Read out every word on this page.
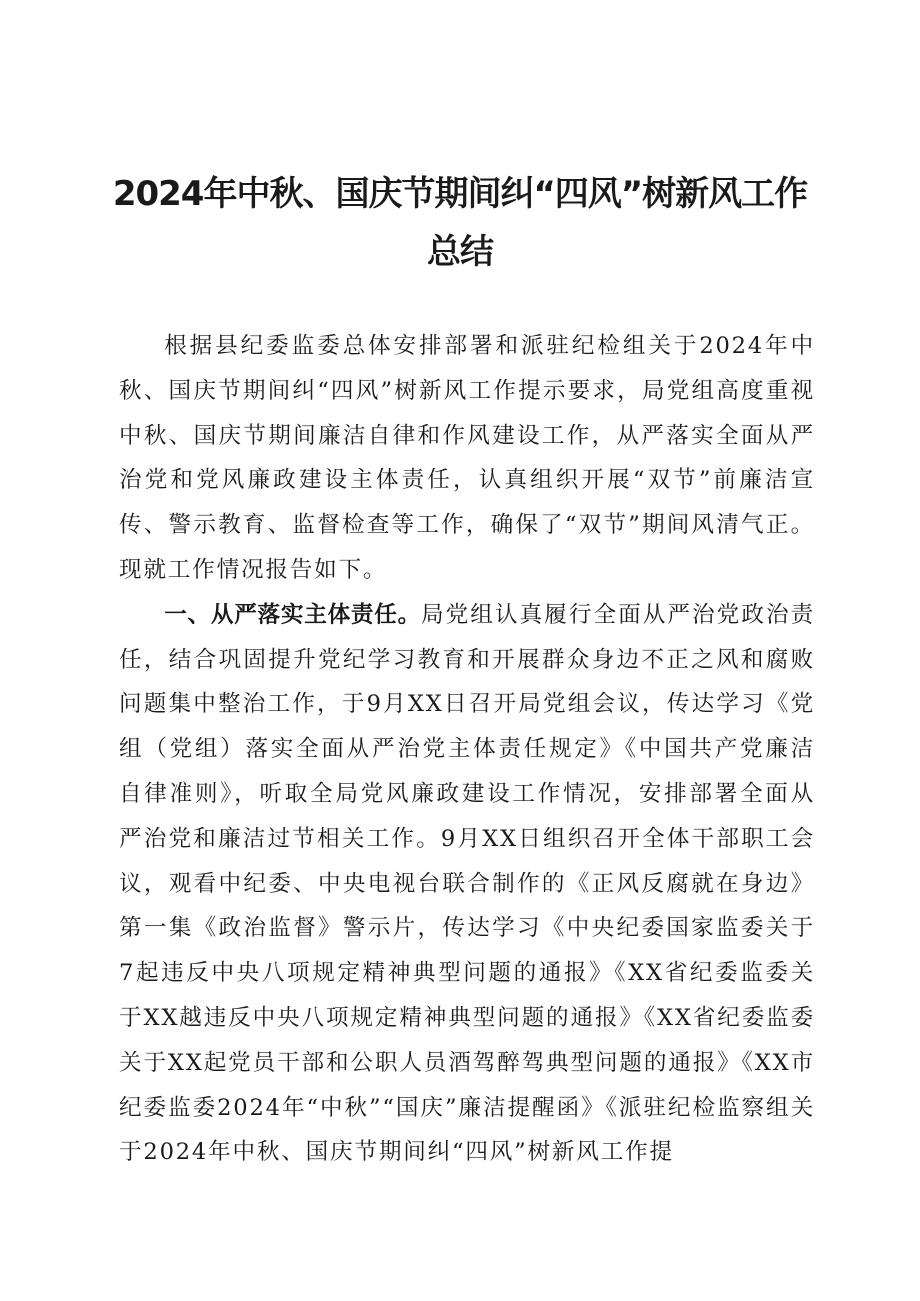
2024年中秋、国庆节期间纠“四风”树新风工作
总结

根据县纪委监委总体安排部署和派驻纪检组关于2024年中秋、国庆节期间纠“四风”树新风工作提示要求，局党组高度重视中秋、国庆节期间廉洁自律和作风建设工作，从严落实全面从严治党和党风廉政建设主体责任，认真组织开展“双节”前廉洁宣传、警示教育、监督检查等工作，确保了“双节”期间风清气正。现就工作情况报告如下。

一、从严落实主体责任。局党组认真履行全面从严治党政治责任，结合巩固提升党纪学习教育和开展群众身边不正之风和腐败问题集中整治工作，于9月XX日召开局党组会议，传达学习《党组（党组）落实全面从严治党主体责任规定》《中国共产党廉洁自律准则》，听取全局党风廉政建设工作情况，安排部署全面从严治党和廉洁过节相关工作。9月XX日组织召开全体干部职工会议，观看中纪委、中央电视台联合制作的《正风反腐就在身边》第一集《政治监督》警示片，传达学习《中央纪委国家监委关于7起违反中央八项规定精神典型问题的通报》《XX省纪委监委关于XX越违反中央八项规定精神典型问题的通报》《XX省纪委监委关于XX起党员干部和公职人员酒驾醉驾典型问题的通报》《XX市纪委监委2024年“中秋”“国庆”廉洁提醒函》《派驻纪检监察组关于2024年中秋、国庆节期间纠“四风”树新风工作提
